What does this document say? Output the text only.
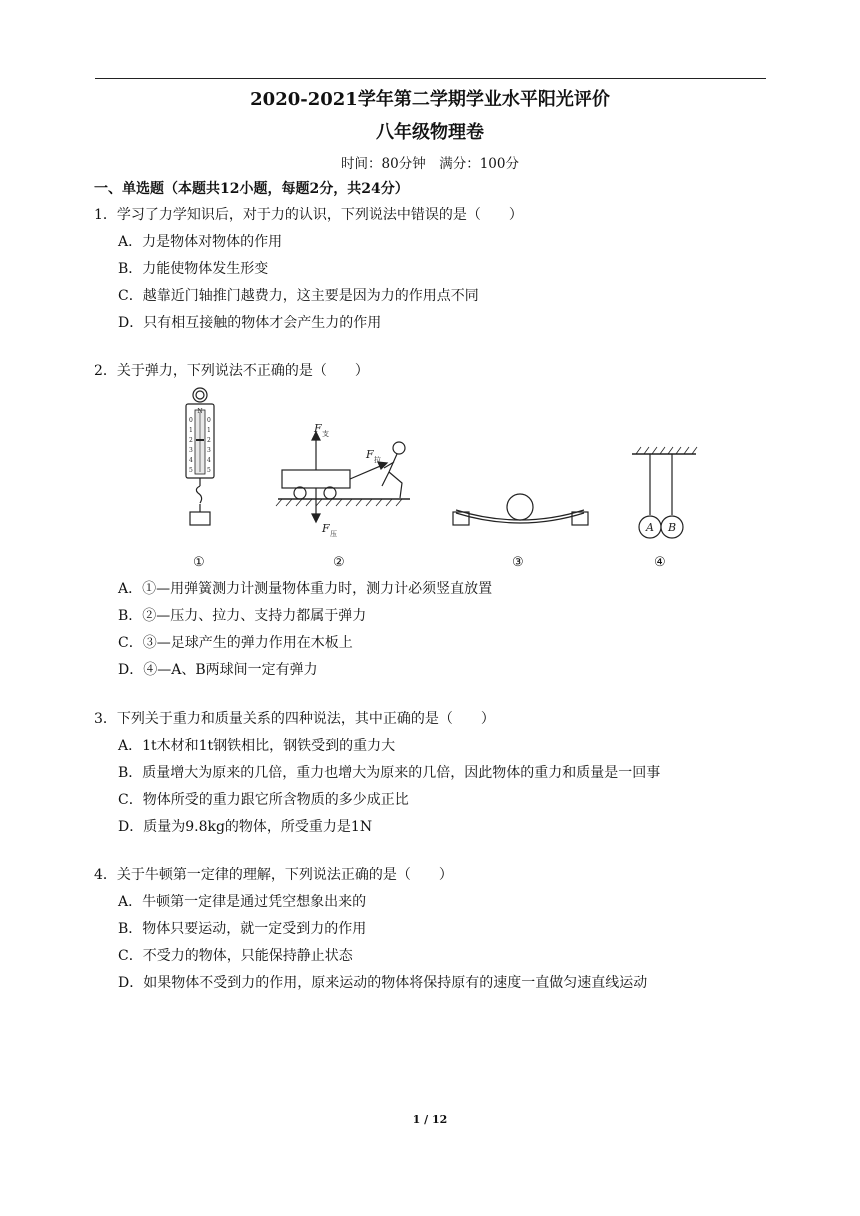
2020-2021学年第二学期学业水平阳光评价
八年级物理卷
时间：80分钟　满分：100分
一、单选题（本题共12小题，每题2分，共24分）
1．学习了力学知识后，对于力的认识，下列说法中错误的是（　　）
A．力是物体对物体的作用
B．力能使物体发生形变
C．越靠近门轴推门越费力，这主要是因为力的作用点不同
D．只有相互接触的物体才会产生力的作用
2．关于弹力，下列说法不正确的是（　　）
N
0
1
2
3
4
5
0
1
2
3
4
5
F 支
F 拉
F 压	A B
①	②	③	④
A．①—用弹簧测力计测量物体重力时，测力计必须竖直放置
B．②—压力、拉力、支持力都属于弹力
C．③—足球产生的弹力作用在木板上
D．④—A、B两球间一定有弹力
3．下列关于重力和质量关系的四种说法，其中正确的是（　　）
A．1t木材和1t钢铁相比，钢铁受到的重力大
B．质量增大为原来的几倍，重力也增大为原来的几倍，因此物体的重力和质量是一回事
C．物体所受的重力跟它所含物质的多少成正比
D．质量为9.8kg的物体，所受重力是1N
4．关于牛顿第一定律的理解，下列说法正确的是（　　）
A．牛顿第一定律是通过凭空想象出来的
B．物体只要运动，就一定受到力的作用
C．不受力的物体，只能保持静止状态
D．如果物体不受到力的作用，原来运动的物体将保持原有的速度一直做匀速直线运动
1 / 12
